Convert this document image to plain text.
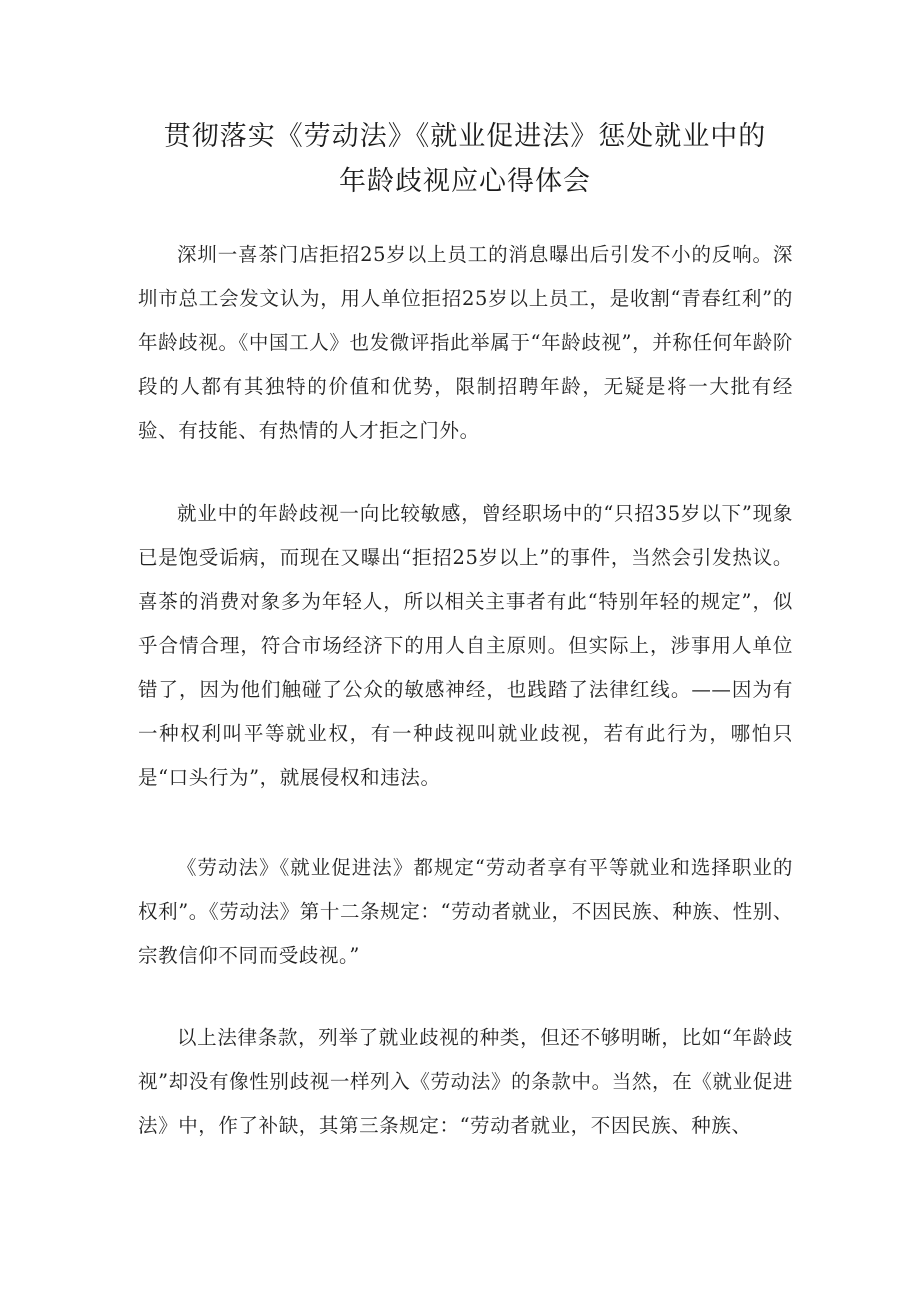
贯彻落实《劳动法》《就业促进法》惩处就业中的
年龄歧视应心得体会

深圳一喜茶门店拒招25岁以上员工的消息曝出后引发不小的反响。深圳市总工会发文认为，用人单位拒招25岁以上员工，是收割“青春红利”的年龄歧视。《中国工人》也发微评指此举属于“年龄歧视”，并称任何年龄阶段的人都有其独特的价值和优势，限制招聘年龄，无疑是将一大批有经验、有技能、有热情的人才拒之门外。

就业中的年龄歧视一向比较敏感，曾经职场中的“只招35岁以下”现象已是饱受诟病，而现在又曝出“拒招25岁以上”的事件，当然会引发热议。喜茶的消费对象多为年轻人，所以相关主事者有此“特别年轻的规定”，似乎合情合理，符合市场经济下的用人自主原则。但实际上，涉事用人单位错了，因为他们触碰了公众的敏感神经，也践踏了法律红线。——因为有一种权利叫平等就业权，有一种歧视叫就业歧视，若有此行为，哪怕只是“口头行为”，就展侵权和违法。

《劳动法》《就业促进法》都规定“劳动者享有平等就业和选择职业的权利”。《劳动法》第十二条规定：“劳动者就业，不因民族、种族、性别、宗教信仰不同而受歧视。”

以上法律条款，列举了就业歧视的种类，但还不够明晰，比如“年龄歧视”却没有像性别歧视一样列入《劳动法》的条款中。当然，在《就业促进法》中，作了补缺，其第三条规定：“劳动者就业，不因民族、种族、
